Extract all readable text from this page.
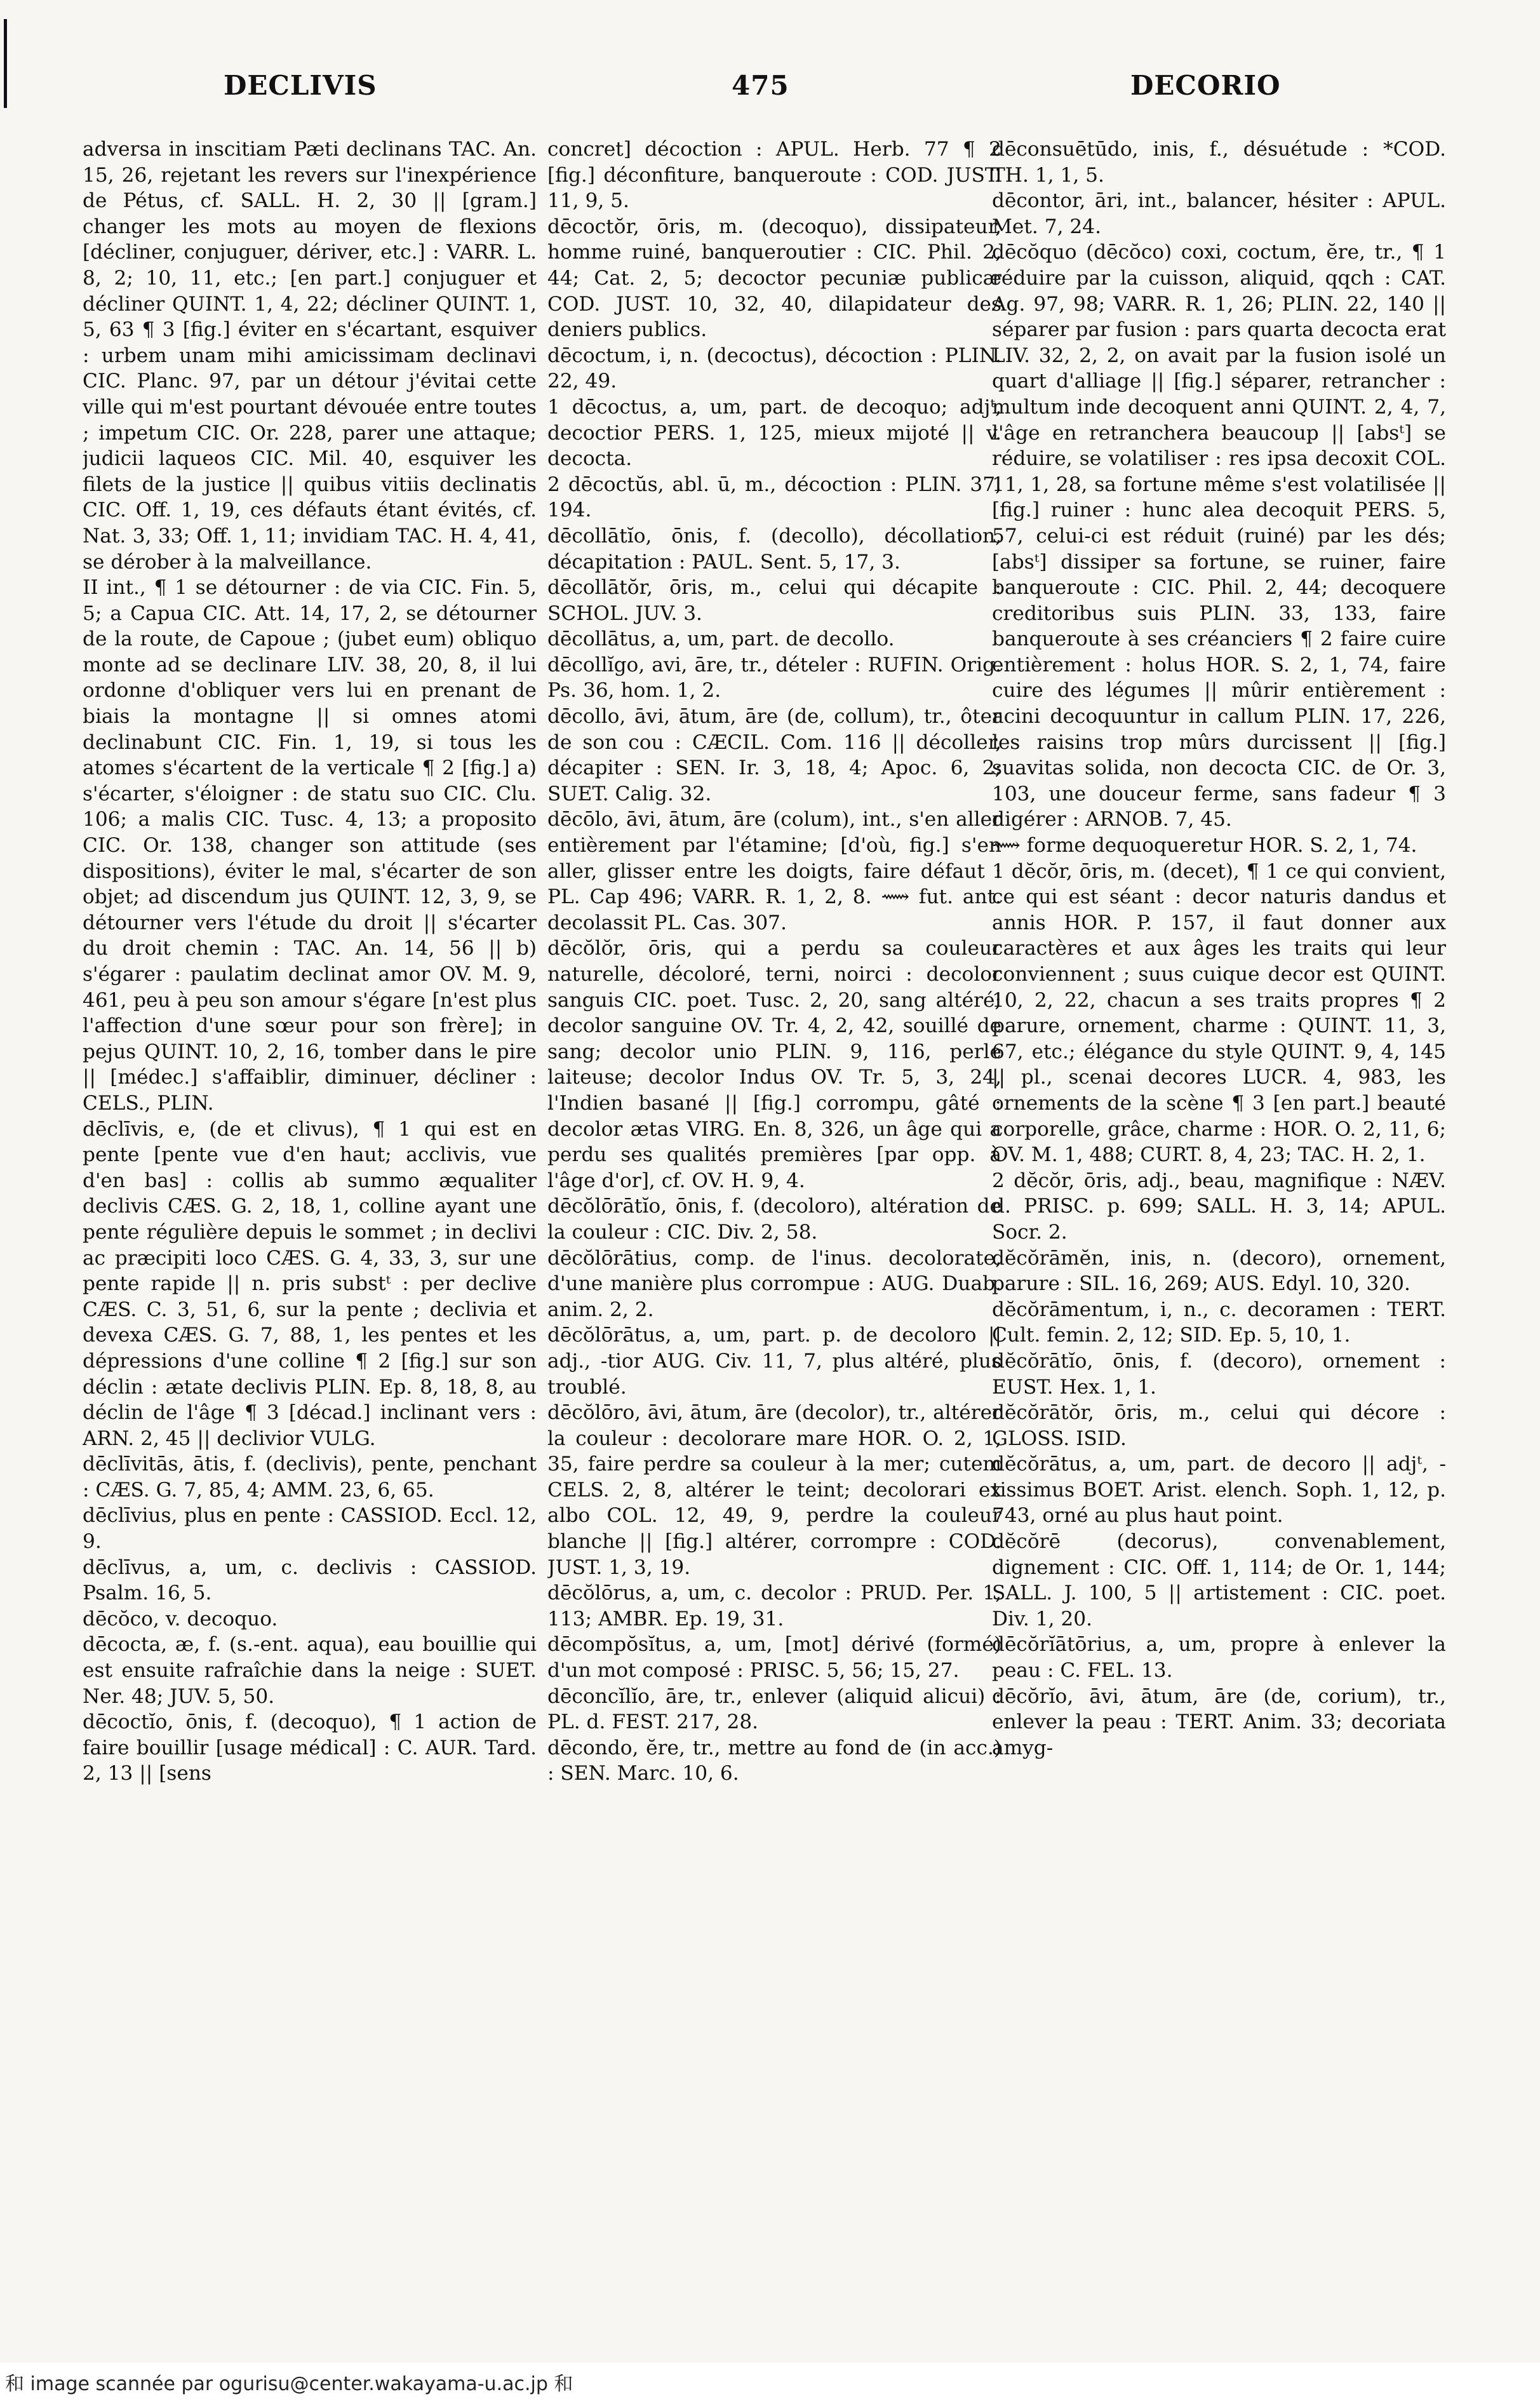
DECLIVIS	475	DECORIO

adversa in inscitiam Pæti declinans TAC. An. 15, 26, rejetant les revers sur l'inexpérience de Pétus, cf. SALL. H. 2, 30 || [gram.] changer les mots au moyen de flexions [décliner, conjuguer, dériver, etc.] : VARR. L. 8, 2; 10, 11, etc.; [en part.] conjuguer et décliner QUINT. 1, 4, 22; décliner QUINT. 1, 5, 63 ¶ 3 [fig.] éviter en s'écartant, esquiver : urbem unam mihi amicissimam declinavi CIC. Planc. 97, par un détour j'évitai cette ville qui m'est pourtant dévouée entre toutes ; impetum CIC. Or. 228, parer une attaque; judicii laqueos CIC. Mil. 40, esquiver les filets de la justice || quibus vitiis declinatis CIC. Off. 1, 19, ces défauts étant évités, cf. Nat. 3, 33; Off. 1, 11; invidiam TAC. H. 4, 41, se dérober à la malveillance.

II int., ¶ 1 se détourner : de via CIC. Fin. 5, 5; a Capua CIC. Att. 14, 17, 2, se détourner de la route, de Capoue ; (jubet eum) obliquo monte ad se declinare LIV. 38, 20, 8, il lui ordonne d'obliquer vers lui en prenant de biais la montagne || si omnes atomi declinabunt CIC. Fin. 1, 19, si tous les atomes s'écartent de la verticale ¶ 2 [fig.] a) s'écarter, s'éloigner : de statu suo CIC. Clu. 106; a malis CIC. Tusc. 4, 13; a proposito CIC. Or. 138, changer son attitude (ses dispositions), éviter le mal, s'écarter de son objet; ad discendum jus QUINT. 12, 3, 9, se détourner vers l'étude du droit || s'écarter du droit chemin : TAC. An. 14, 56 || b) s'égarer : paulatim declinat amor OV. M. 9, 461, peu à peu son amour s'égare [n'est plus l'affection d'une sœur pour son frère]; in pejus QUINT. 10, 2, 16, tomber dans le pire || [médec.] s'affaiblir, diminuer, décliner : CELS., PLIN.

dēclīvis, e, (de et clivus), ¶ 1 qui est en pente [pente vue d'en haut; acclivis, vue d'en bas] : collis ab summo æqualiter declivis CÆS. G. 2, 18, 1, colline ayant une pente régulière depuis le sommet ; in declivi ac præcipiti loco CÆS. G. 4, 33, 3, sur une pente rapide || n. pris substᵗ : per declive CÆS. C. 3, 51, 6, sur la pente ; declivia et devexa CÆS. G. 7, 88, 1, les pentes et les dépressions d'une colline ¶ 2 [fig.] sur son déclin : ætate declivis PLIN. Ep. 8, 18, 8, au déclin de l'âge ¶ 3 [décad.] inclinant vers : ARN. 2, 45 || declivior VULG.

dēclīvitās, ātis, f. (declivis), pente, penchant : CÆS. G. 7, 85, 4; AMM. 23, 6, 65.

dēclīvius, plus en pente : CASSIOD. Eccl. 12, 9.

dēclīvus, a, um, c. declivis : CASSIOD. Psalm. 16, 5.

dēcŏco, v. decoquo.

dēcocta, æ, f. (s.-ent. aqua), eau bouillie qui est ensuite rafraîchie dans la neige : SUET. Ner. 48; JUV. 5, 50.

dēcoctĭo, ōnis, f. (decoquo), ¶ 1 action de faire bouillir [usage médical] : C. AUR. Tard. 2, 13 || [sens

concret] décoction : APUL. Herb. 77 ¶ 2 [fig.] déconfiture, banqueroute : COD. JUST. 11, 9, 5.

dēcoctŏr, ōris, m. (decoquo), dissipateur, homme ruiné, banqueroutier : CIC. Phil. 2, 44; Cat. 2, 5; decoctor pecuniæ publicæ COD. JUST. 10, 32, 40, dilapidateur des deniers publics.

dēcoctum, i, n. (decoctus), décoction : PLIN. 22, 49.

1 dēcoctus, a, um, part. de decoquo; adjᵗ, decoctior PERS. 1, 125, mieux mijoté || v. decocta.

2 dēcoctŭs, abl. ū, m., décoction : PLIN. 37, 194.

dēcollātĭo, ōnis, f. (decollo), décollation, décapitation : PAUL. Sent. 5, 17, 3.

dēcollātŏr, ōris, m., celui qui décapite : SCHOL. JUV. 3.

dēcollātus, a, um, part. de decollo.

dēcollĭgo, avi, āre, tr., dételer : RUFIN. Orig. Ps. 36, hom. 1, 2.

dēcollo, āvi, ātum, āre (de, collum), tr., ôter de son cou : CÆCIL. Com. 116 || décoller, décapiter : SEN. Ir. 3, 18, 4; Apoc. 6, 2; SUET. Calig. 32.

dēcōlo, āvi, ātum, āre (colum), int., s'en aller entièrement par l'étamine; [d'où, fig.] s'en aller, glisser entre les doigts, faire défaut : PL. Cap 496; VARR. R. 1, 2, 8. ⟿ fut. ant. decolassit PL. Cas. 307.

dēcŏlŏr, ōris, qui a perdu sa couleur naturelle, décoloré, terni, noirci : decolor sanguis CIC. poet. Tusc. 2, 20, sang altéré; decolor sanguine OV. Tr. 4, 2, 42, souillé de sang; decolor unio PLIN. 9, 116, perle laiteuse; decolor Indus OV. Tr. 5, 3, 24, l'Indien basané || [fig.] corrompu, gâté : decolor ætas VIRG. En. 8, 326, un âge qui a perdu ses qualités premières [par opp. à l'âge d'or], cf. OV. H. 9, 4.

dēcŏlōrātĭo, ōnis, f. (decoloro), altération de la couleur : CIC. Div. 2, 58.

dēcŏlōrātius, comp. de l'inus. decolorate, d'une manière plus corrompue : AUG. Duab. anim. 2, 2.

dēcŏlōrātus, a, um, part. p. de decoloro || adj., -tior AUG. Civ. 11, 7, plus altéré, plus troublé.

dēcŏlōro, āvi, ātum, āre (decolor), tr., altérer la couleur : decolorare mare HOR. O. 2, 1, 35, faire perdre sa couleur à la mer; cutem CELS. 2, 8, altérer le teint; decolorari ex albo COL. 12, 49, 9, perdre la couleur blanche || [fig.] altérer, corrompre : COD. JUST. 1, 3, 19.

dēcŏlōrus, a, um, c. decolor : PRUD. Per. 1, 113; AMBR. Ep. 19, 31.

dēcompŏsĭtus, a, um, [mot] dérivé (formé) d'un mot composé : PRISC. 5, 56; 15, 27.

dēconcĭlĭo, āre, tr., enlever (aliquid alicui) : PL. d. FEST. 217, 28.

dēcondo, ĕre, tr., mettre au fond de (in acc.) : SEN. Marc. 10, 6.

dēconsuētūdo, inis, f., désuétude : *COD. TH. 1, 1, 5.

dēcontor, āri, int., balancer, hésiter : APUL. Met. 7, 24.

dēcŏquo (dēcŏco) coxi, coctum, ĕre, tr., ¶ 1 réduire par la cuisson, aliquid, qqch : CAT. Ag. 97, 98; VARR. R. 1, 26; PLIN. 22, 140 || séparer par fusion : pars quarta decocta erat LIV. 32, 2, 2, on avait par la fusion isolé un quart d'alliage || [fig.] séparer, retrancher : multum inde decoquent anni QUINT. 2, 4, 7, l'âge en retranchera beaucoup || [absᵗ] se réduire, se volatiliser : res ipsa decoxit COL. 11, 1, 28, sa fortune même s'est volatilisée || [fig.] ruiner : hunc alea decoquit PERS. 5, 57, celui-ci est réduit (ruiné) par les dés; [absᵗ] dissiper sa fortune, se ruiner, faire banqueroute : CIC. Phil. 2, 44; decoquere creditoribus suis PLIN. 33, 133, faire banqueroute à ses créanciers ¶ 2 faire cuire entièrement : holus HOR. S. 2, 1, 74, faire cuire des légumes || mûrir entièrement : acini decoquuntur in callum PLIN. 17, 226, les raisins trop mûrs durcissent || [fig.] suavitas solida, non decocta CIC. de Or. 3, 103, une douceur ferme, sans fadeur ¶ 3 digérer : ARNOB. 7, 45.

⟿ forme dequoqueretur HOR. S. 2, 1, 74.

1 dĕcŏr, ōris, m. (decet), ¶ 1 ce qui convient, ce qui est séant : decor naturis dandus et annis HOR. P. 157, il faut donner aux caractères et aux âges les traits qui leur conviennent ; suus cuique decor est QUINT. 10, 2, 22, chacun a ses traits propres ¶ 2 parure, ornement, charme : QUINT. 11, 3, 67, etc.; élégance du style QUINT. 9, 4, 145 || pl., scenai decores LUCR. 4, 983, les ornements de la scène ¶ 3 [en part.] beauté corporelle, grâce, charme : HOR. O. 2, 11, 6; OV. M. 1, 488; CURT. 8, 4, 23; TAC. H. 2, 1.

2 dĕcŏr, ōris, adj., beau, magnifique : NÆV. d. PRISC. p. 699; SALL. H. 3, 14; APUL. Socr. 2.

dĕcŏrāmĕn, inis, n. (decoro), ornement, parure : SIL. 16, 269; AUS. Edyl. 10, 320.

dĕcŏrāmentum, i, n., c. decoramen : TERT. Cult. femin. 2, 12; SID. Ep. 5, 10, 1.

dĕcŏrātĭo, ōnis, f. (decoro), ornement : EUST. Hex. 1, 1.

dĕcŏrātŏr, ōris, m., celui qui décore : GLOSS. ISID.

dĕcŏrātus, a, um, part. de decoro || adjᵗ, -tissimus BOET. Arist. elench. Soph. 1, 12, p. 743, orné au plus haut point.

dĕcŏrē (decorus), convenablement, dignement : CIC. Off. 1, 114; de Or. 1, 144; SALL. J. 100, 5 || artistement : CIC. poet. Div. 1, 20.

dēcŏrĭātōrius, a, um, propre à enlever la peau : C. FEL. 13.

dēcŏrĭo, āvi, ātum, āre (de, corium), tr., enlever la peau : TERT. Anim. 33; decoriata amyg-

和 image scannée par ogurisu@center.wakayama-u.ac.jp 和
